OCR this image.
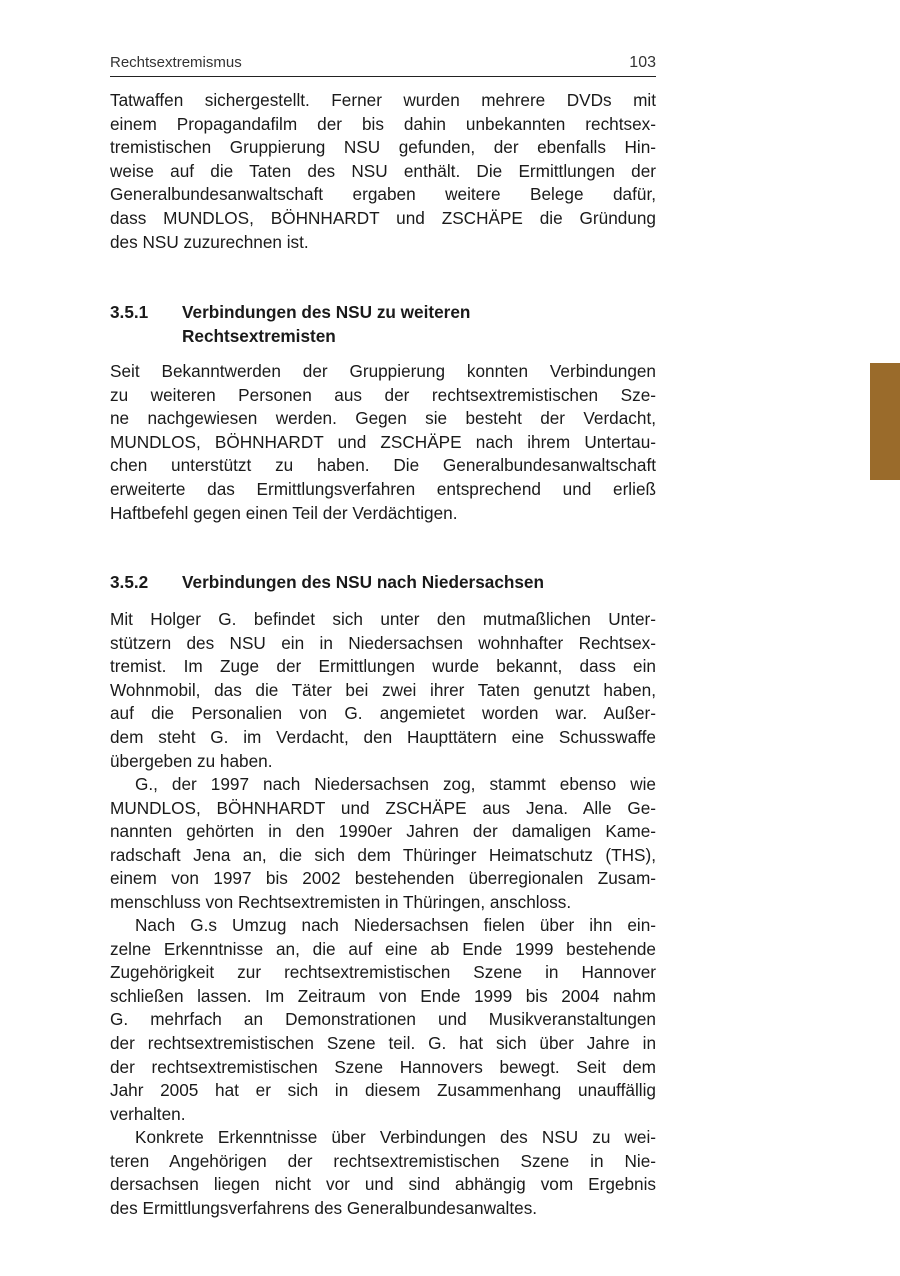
Rechtsextremismus	103
Tatwaffen sichergestellt. Ferner wurden mehrere DVDs mit
einem Propagandafilm der bis dahin unbekannten rechtsex-
tremistischen Gruppierung NSU gefunden, der ebenfalls Hin-
weise auf die Taten des NSU enthält. Die Ermittlungen der
Generalbundesanwaltschaft ergaben weitere Belege dafür,
dass MUNDLOS, BÖHNHARDT und ZSCHÄPE die Gründung
des NSU zuzurechnen ist.
3.5.1 Verbindungen des NSU zu weiteren
Rechtsextremisten
Seit Bekanntwerden der Gruppierung konnten Verbindungen
zu weiteren Personen aus der rechtsextremistischen Sze-
ne nachgewiesen werden. Gegen sie besteht der Verdacht,
MUNDLOS, BÖHNHARDT und ZSCHÄPE nach ihrem Untertau-
chen unterstützt zu haben. Die Generalbundesanwaltschaft
erweiterte das Ermittlungsverfahren entsprechend und erließ
Haftbefehl gegen einen Teil der Verdächtigen.
3.5.2 Verbindungen des NSU nach Niedersachsen
Mit Holger G. befindet sich unter den mutmaßlichen Unter-
stützern des NSU ein in Niedersachsen wohnhafter Rechtsex-
tremist. Im Zuge der Ermittlungen wurde bekannt, dass ein
Wohnmobil, das die Täter bei zwei ihrer Taten genutzt haben,
auf die Personalien von G. angemietet worden war. Außer-
dem steht G. im Verdacht, den Haupttätern eine Schusswaffe
übergeben zu haben.
G., der 1997 nach Niedersachsen zog, stammt ebenso wie
MUNDLOS, BÖHNHARDT und ZSCHÄPE aus Jena. Alle Ge-
nannten gehörten in den 1990er Jahren der damaligen Kame-
radschaft Jena an, die sich dem Thüringer Heimatschutz (THS),
einem von 1997 bis 2002 bestehenden überregionalen Zusam-
menschluss von Rechtsextremisten in Thüringen, anschloss.
Nach G.s Umzug nach Niedersachsen fielen über ihn ein-
zelne Erkenntnisse an, die auf eine ab Ende 1999 bestehende
Zugehörigkeit zur rechtsextremistischen Szene in Hannover
schließen lassen. Im Zeitraum von Ende 1999 bis 2004 nahm
G. mehrfach an Demonstrationen und Musikveranstaltungen
der rechtsextremistischen Szene teil. G. hat sich über Jahre in
der rechtsextremistischen Szene Hannovers bewegt. Seit dem
Jahr 2005 hat er sich in diesem Zusammenhang unauffällig
verhalten.
Konkrete Erkenntnisse über Verbindungen des NSU zu wei-
teren Angehörigen der rechtsextremistischen Szene in Nie-
dersachsen liegen nicht vor und sind abhängig vom Ergebnis
des Ermittlungsverfahrens des Generalbundesanwaltes.
